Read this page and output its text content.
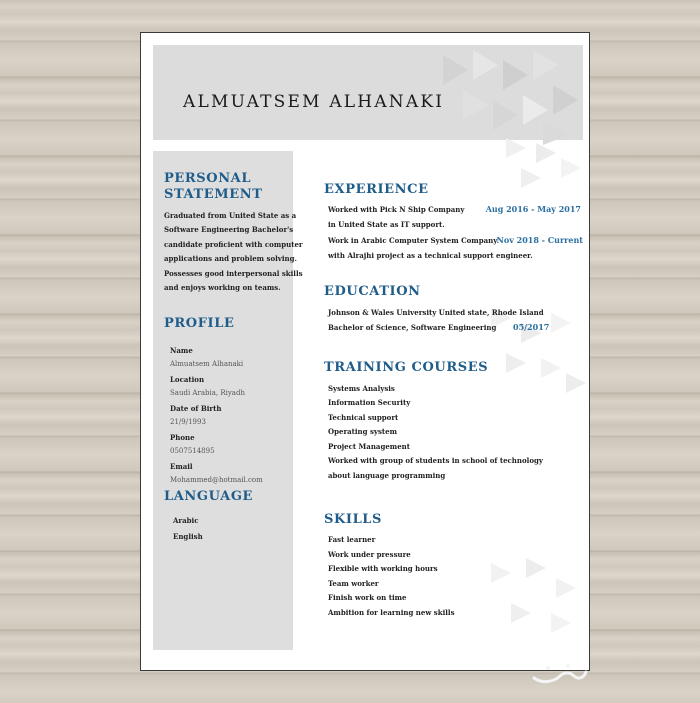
ALMUATSEM ALHANAKI
PERSONAL
STATEMENT
Graduated from United State as a
Software Engineering Bachelor's
candidate proficient with computer
applications and problem solving.
Possesses good interpersonal skills
and enjoys working on teams.
PROFILE
Name
Almuatsem Alhanaki
Location
Saudi Arabia, Riyadh
Date of Birth
21/9/1993
Phone
0507514895
Email
Mohammed@hotmail.com
LANGUAGE
Arabic
English
EXPERIENCE
Worked with Pick N Ship Company
in United State as IT support.
Aug 2016 - May 2017
Work in Arabic Computer System Company
with Alrajhi project as a technical support engineer.
Nov 2018 - Current
EDUCATION
Johnson & Wales University United state, Rhode Island
Bachelor of Science, Software Engineering 05/2017
TRAINING COURSES
Systems Analysis
Information Security
Technical support
Operating system
Project Management
Worked with group of students in school of technology
about language programming
SKILLS
Fast learner
Work under pressure
Flexible with working hours
Team worker
Finish work on time
Ambition for learning new skills
